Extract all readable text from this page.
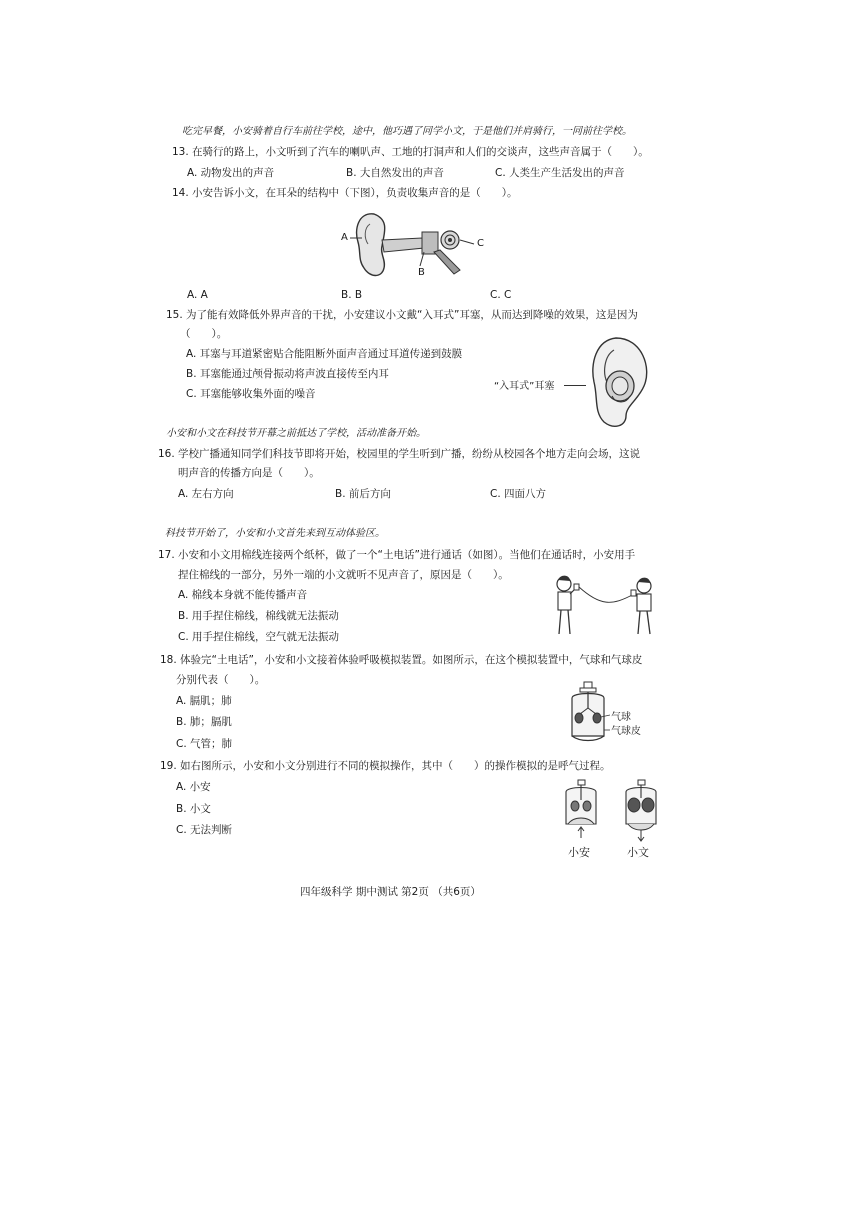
吃完早餐，小安骑着自行车前往学校，途中，他巧遇了同学小文，于是他们并肩骑行，一同前往学校。
13. 在骑行的路上，小文听到了汽车的喇叭声、工地的打洞声和人们的交谈声，这些声音属于（　　）。
A. 动物发出的声音	B. 大自然发出的声音	C. 人类生产生活发出的声音
14. 小安告诉小文，在耳朵的结构中（下图），负责收集声音的是（　　）。
A
B
C
A. A	B. B	C. C
15. 为了能有效降低外界声音的干扰，小安建议小文戴“入耳式”耳塞，从而达到降噪的效果，这是因为
（　　）。
A. 耳塞与耳道紧密贴合能阻断外面声音通过耳道传递到鼓膜
B. 耳塞能通过颅骨振动将声波直接传至内耳
C. 耳塞能够收集外面的噪音
“入耳式”耳塞
小安和小文在科技节开幕之前抵达了学校，活动准备开始。
16. 学校广播通知同学们科技节即将开始，校园里的学生听到广播，纷纷从校园各个地方走向会场，这说
明声音的传播方向是（　　）。
A. 左右方向	B. 前后方向	C. 四面八方
科技节开始了，小安和小文首先来到互动体验区。
17. 小安和小文用棉线连接两个纸杯，做了一个“土电话”进行通话（如图）。当他们在通话时，小安用手
捏住棉线的一部分，另外一端的小文就听不见声音了，原因是（　　）。
A. 棉线本身就不能传播声音
B. 用手捏住棉线，棉线就无法振动
C. 用手捏住棉线，空气就无法振动
18. 体验完“土电话”，小安和小文接着体验呼吸模拟装置。如图所示，在这个模拟装置中，气球和气球皮
分别代表（　　）。
A. 膈肌；肺
B. 肺；膈肌
C. 气管；肺
气球
气球皮
19. 如右图所示，小安和小文分别进行不同的模拟操作，其中（　　）的操作模拟的是呼气过程。
A. 小安
B. 小文
C. 无法判断
小安	小文
四年级科学 期中测试 第2页 （共6页）
